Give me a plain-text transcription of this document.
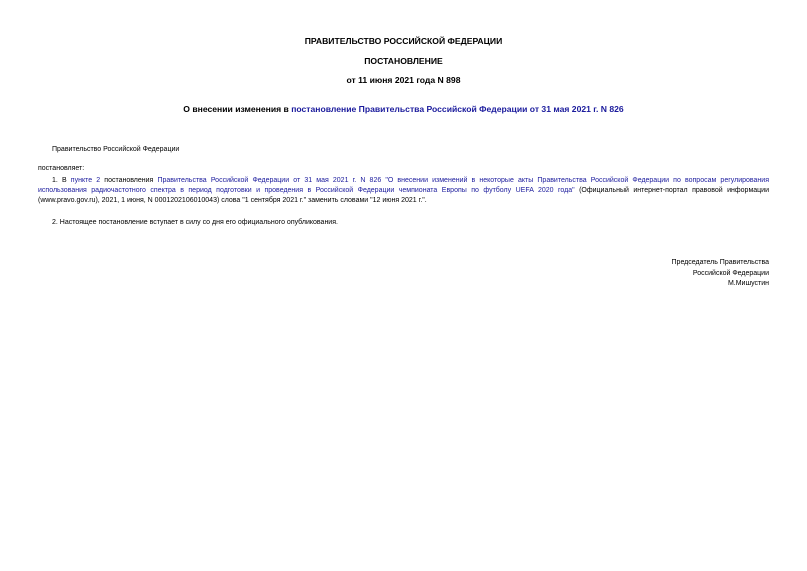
ПРАВИТЕЛЬСТВО РОССИЙСКОЙ ФЕДЕРАЦИИ
ПОСТАНОВЛЕНИЕ
от 11 июня 2021 года N 898
О внесении изменения в постановление Правительства Российской Федерации от 31 мая 2021 г. N 826
Правительство Российской Федерации
постановляет:
1. В пункте 2 постановления Правительства Российской Федерации от 31 мая 2021 г. N 826 "О внесении изменений в некоторые акты Правительства Российской Федерации по вопросам регулирования
использования радиочастотного спектра в период подготовки и проведения в Российской Федерации чемпионата Европы по футболу UEFA 2020 года" (Официальный интернет-портал правовой информации
(www.pravo.gov.ru), 2021, 1 июня, N 0001202106010043) слова "1 сентября 2021 г." заменить словами "12 июня 2021 г.".
2. Настоящее постановление вступает в силу со дня его официального опубликования.
Председатель Правительства
Российской Федерации
М.Мишустин
